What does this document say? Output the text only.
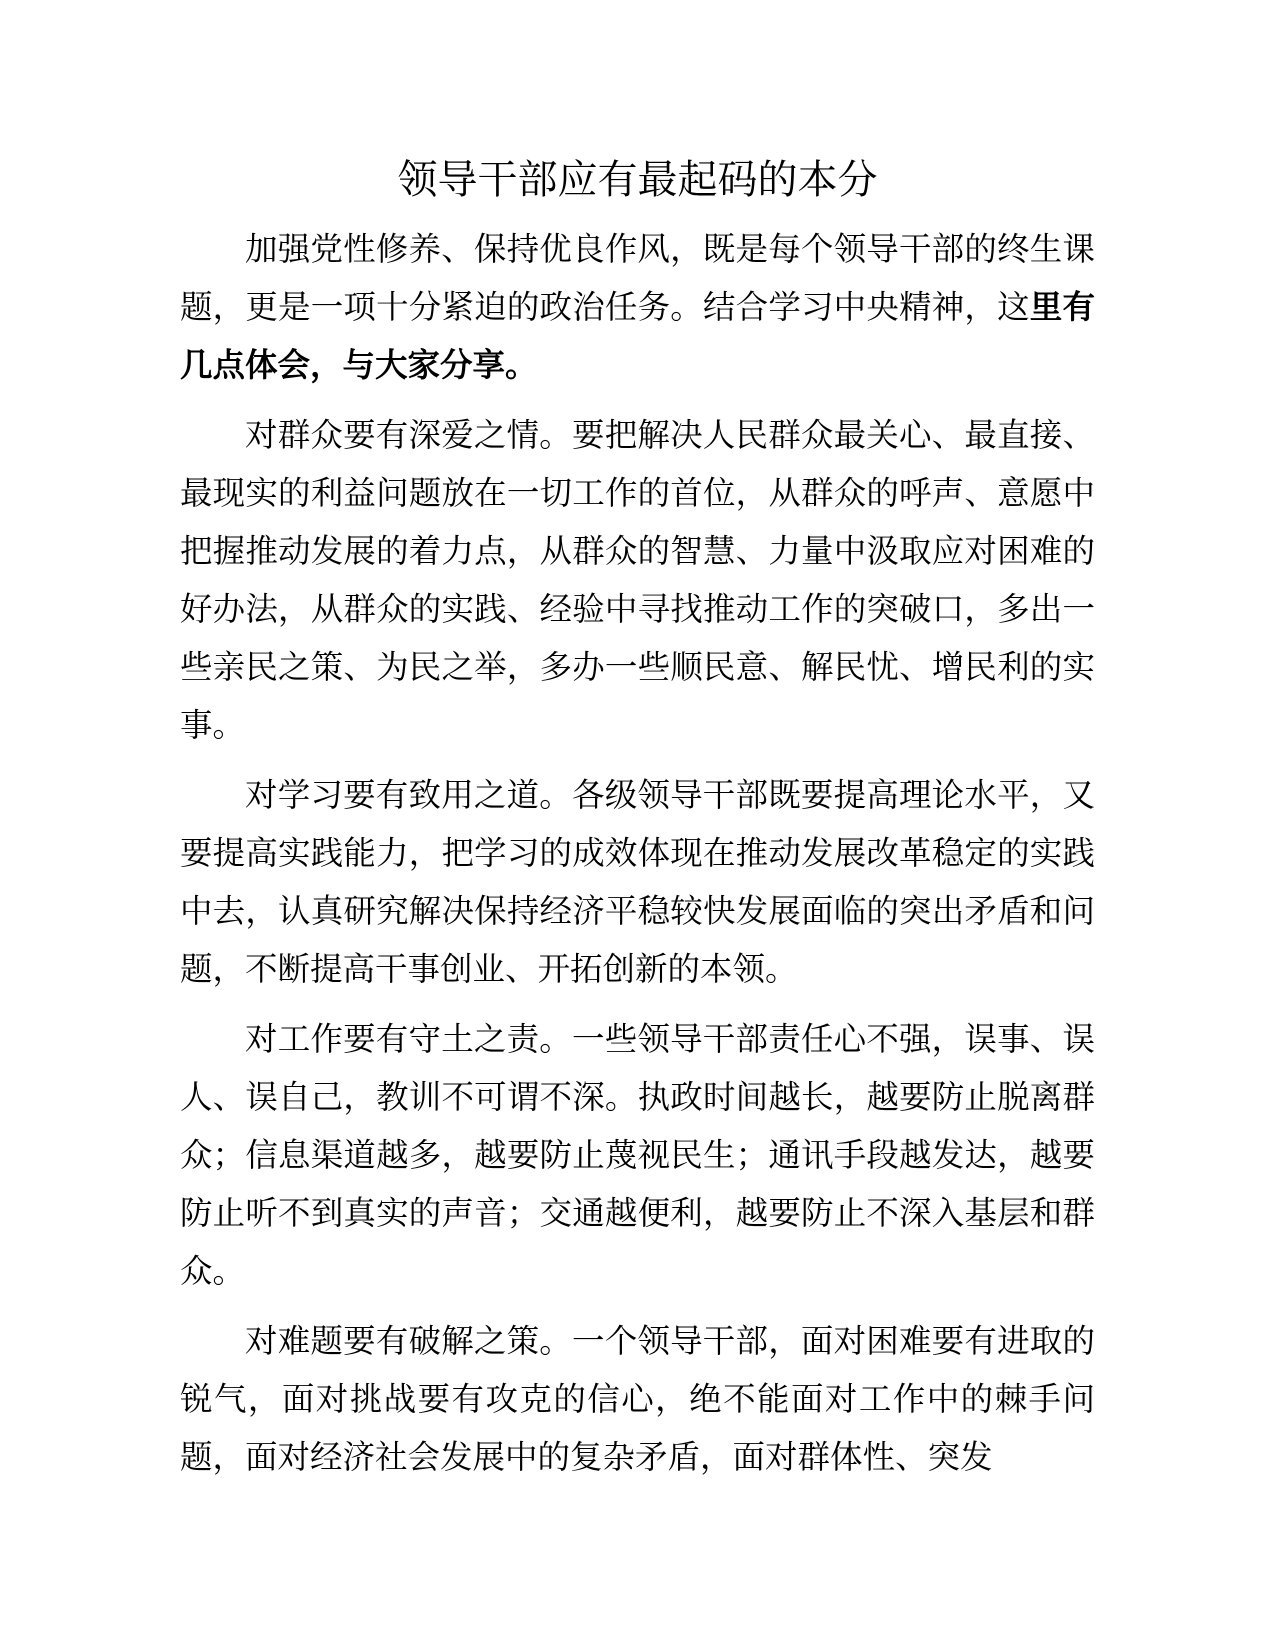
领导干部应有最起码的本分

加强党性修养、保持优良作风，既是每个领导干部的终生课题，更是一项十分紧迫的政治任务。结合学习中央精神，这里有几点体会，与大家分享。

对群众要有深爱之情。要把解决人民群众最关心、最直接、最现实的利益问题放在一切工作的首位，从群众的呼声、意愿中把握推动发展的着力点，从群众的智慧、力量中汲取应对困难的好办法，从群众的实践、经验中寻找推动工作的突破口，多出一些亲民之策、为民之举，多办一些顺民意、解民忧、增民利的实事。

对学习要有致用之道。各级领导干部既要提高理论水平，又要提高实践能力，把学习的成效体现在推动发展改革稳定的实践中去，认真研究解决保持经济平稳较快发展面临的突出矛盾和问题，不断提高干事创业、开拓创新的本领。

对工作要有守土之责。一些领导干部责任心不强，误事、误人、误自己，教训不可谓不深。执政时间越长，越要防止脱离群众；信息渠道越多，越要防止蔑视民生；通讯手段越发达，越要防止听不到真实的声音；交通越便利，越要防止不深入基层和群众。

对难题要有破解之策。一个领导干部，面对困难要有进取的锐气，面对挑战要有攻克的信心，绝不能面对工作中的棘手问题，面对经济社会发展中的复杂矛盾，面对群体性、突发
